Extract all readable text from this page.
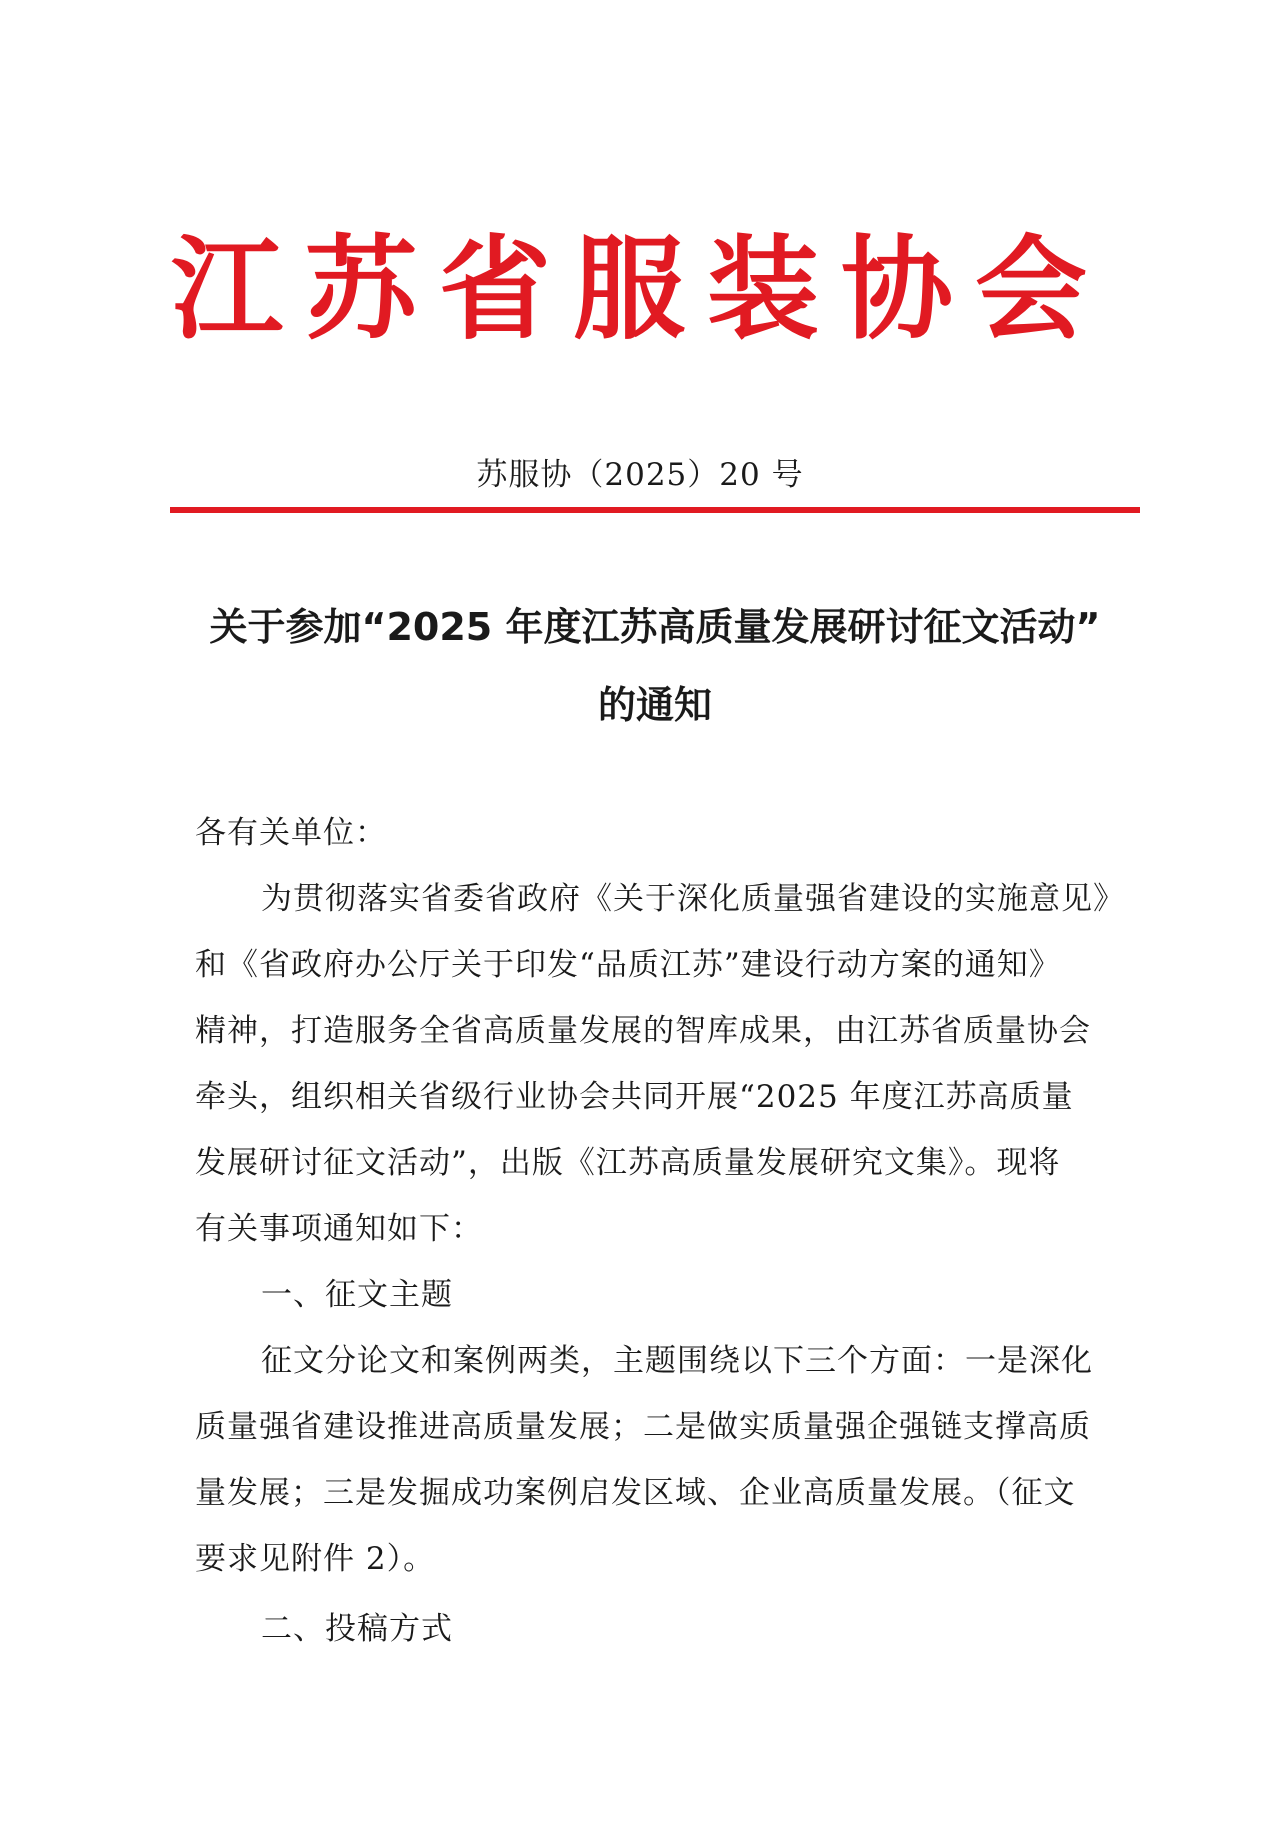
江苏省服装协会
苏服协（2025）20 号
关于参加“2025 年度江苏高质量发展研讨征文活动”
的通知
各有关单位：
为贯彻落实省委省政府《关于深化质量强省建设的实施意见》
和《省政府办公厅关于印发“品质江苏”建设行动方案的通知》
精神，打造服务全省高质量发展的智库成果，由江苏省质量协会
牵头，组织相关省级行业协会共同开展“2025 年度江苏高质量
发展研讨征文活动”，出版《江苏高质量发展研究文集》。现将
有关事项通知如下：
一、征文主题
征文分论文和案例两类，主题围绕以下三个方面：一是深化
质量强省建设推进高质量发展；二是做实质量强企强链支撑高质
量发展；三是发掘成功案例启发区域、企业高质量发展。（征文
要求见附件 2）。
二、投稿方式
